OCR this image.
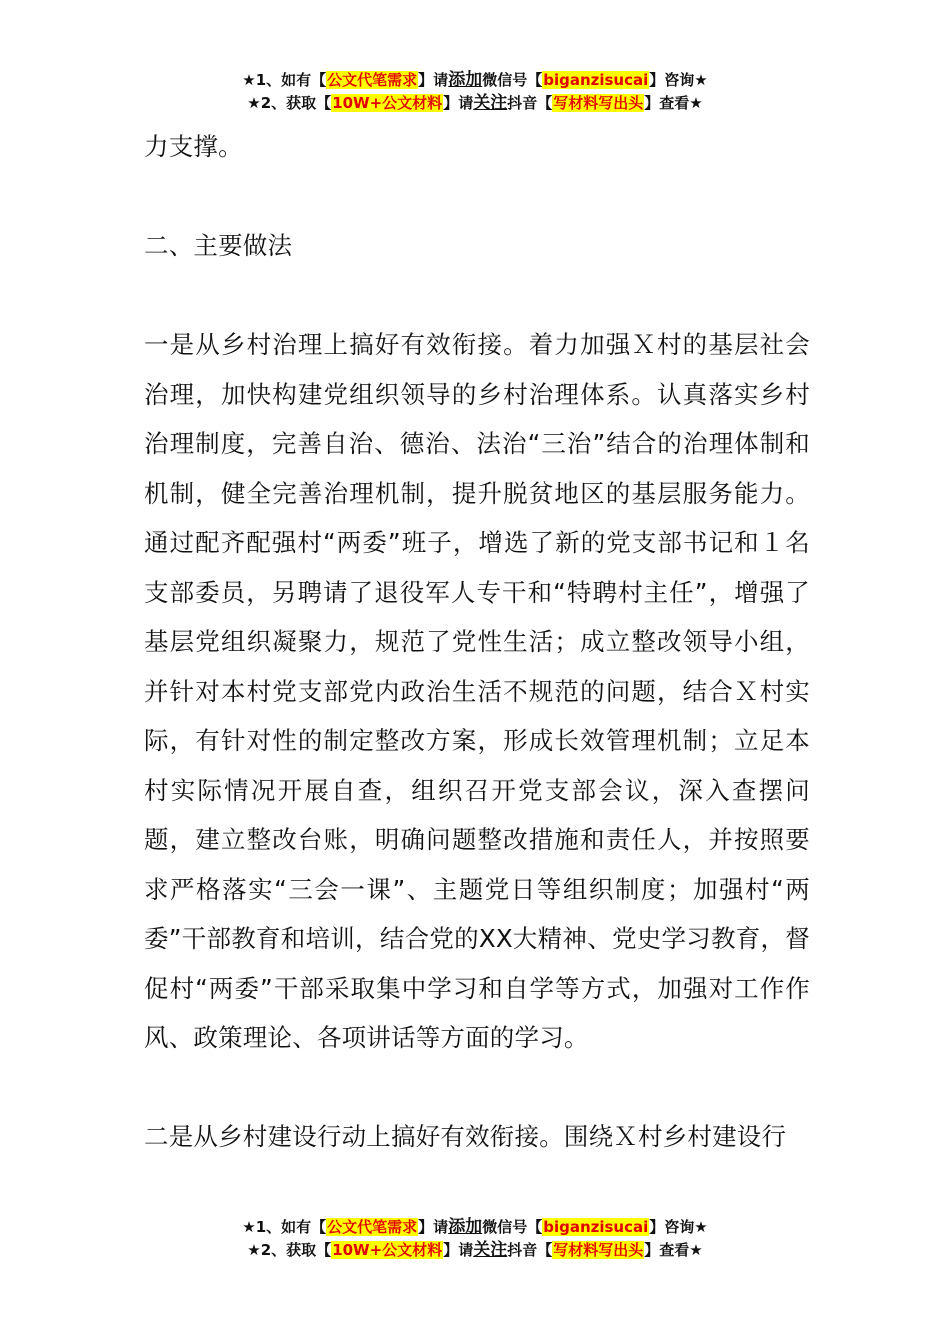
★1、如有【公文代笔需求】请添加微信号【biganzisucai】咨询★
★2、获取【10W+公文材料】请关注抖音【写材料写出头】查看★

力支撑。

二、主要做法

一是从乡村治理上搞好有效衔接。着力加强Ｘ村的基层社会治理，加快构建党组织领导的乡村治理体系。认真落实乡村治理制度，完善自治、德治、法治“三治”结合的治理体制和机制，健全完善治理机制，提升脱贫地区的基层服务能力。通过配齐配强村“两委”班子，增选了新的党支部书记和１名支部委员，另聘请了退役军人专干和“特聘村主任”，增强了基层党组织凝聚力，规范了党性生活；成立整改领导小组，并针对本村党支部党内政治生活不规范的问题，结合Ｘ村实际，有针对性的制定整改方案，形成长效管理机制；立足本村实际情况开展自查，组织召开党支部会议，深入查摆问题，建立整改台账，明确问题整改措施和责任人，并按照要求严格落实“三会一课”、主题党日等组织制度；加强村“两委”干部教育和培训，结合党的XX大精神、党史学习教育，督促村“两委”干部采取集中学习和自学等方式，加强对工作作风、政策理论、各项讲话等方面的学习。

二是从乡村建设行动上搞好有效衔接。围绕Ｘ村乡村建设行

★1、如有【公文代笔需求】请添加微信号【biganzisucai】咨询★
★2、获取【10W+公文材料】请关注抖音【写材料写出头】查看★
